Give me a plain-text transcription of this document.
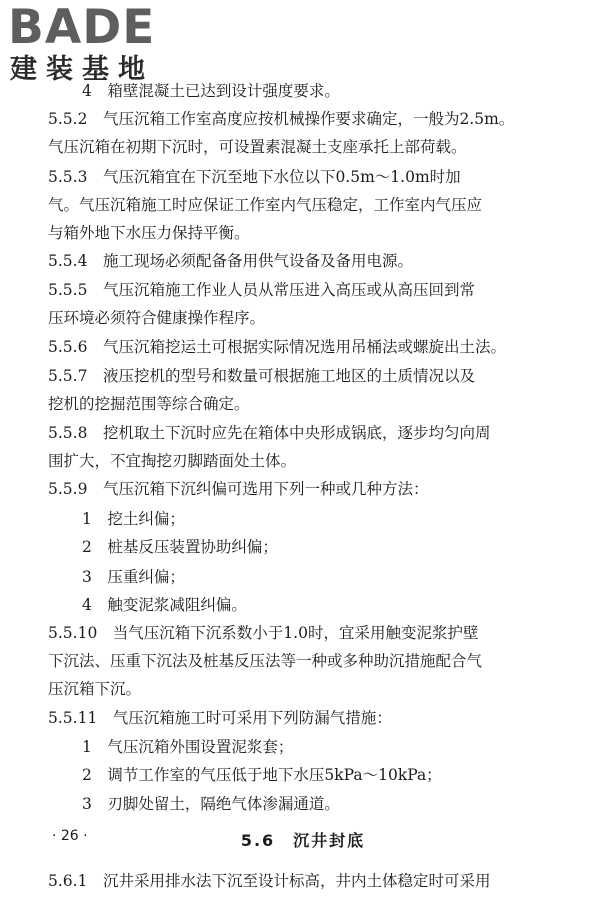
BADE
建装基地
4　箱壁混凝土已达到设计强度要求。
5.5.2　气压沉箱工作室高度应按机械操作要求确定，一般为2.5m。
气压沉箱在初期下沉时，可设置素混凝土支座承托上部荷载。
5.5.3　气压沉箱宜在下沉至地下水位以下0.5m～1.0m时加
气。气压沉箱施工时应保证工作室内气压稳定，工作室内气压应
与箱外地下水压力保持平衡。
5.5.4　施工现场必须配备备用供气设备及备用电源。
5.5.5　气压沉箱施工作业人员从常压进入高压或从高压回到常
压环境必须符合健康操作程序。
5.5.6　气压沉箱挖运土可根据实际情况选用吊桶法或螺旋出土法。
5.5.7　液压挖机的型号和数量可根据施工地区的土质情况以及
挖机的挖掘范围等综合确定。
5.5.8　挖机取土下沉时应先在箱体中央形成锅底，逐步均匀向周
围扩大，不宜掏挖刃脚踏面处土体。
5.5.9　气压沉箱下沉纠偏可选用下列一种或几种方法：
1　挖土纠偏；
2　桩基反压装置协助纠偏；
3　压重纠偏；
4　触变泥浆减阻纠偏。
5.5.10　当气压沉箱下沉系数小于1.0时，宜采用触变泥浆护壁
下沉法、压重下沉法及桩基反压法等一种或多种助沉措施配合气
压沉箱下沉。
5.5.11　气压沉箱施工时可采用下列防漏气措施：
1　气压沉箱外围设置泥浆套；
2　调节工作室的气压低于地下水压5kPa～10kPa；
3　刃脚处留土，隔绝气体渗漏通道。
5.6　沉井封底
5.6.1　沉井采用排水法下沉至设计标高，井内土体稳定时可采用
· 26 ·
